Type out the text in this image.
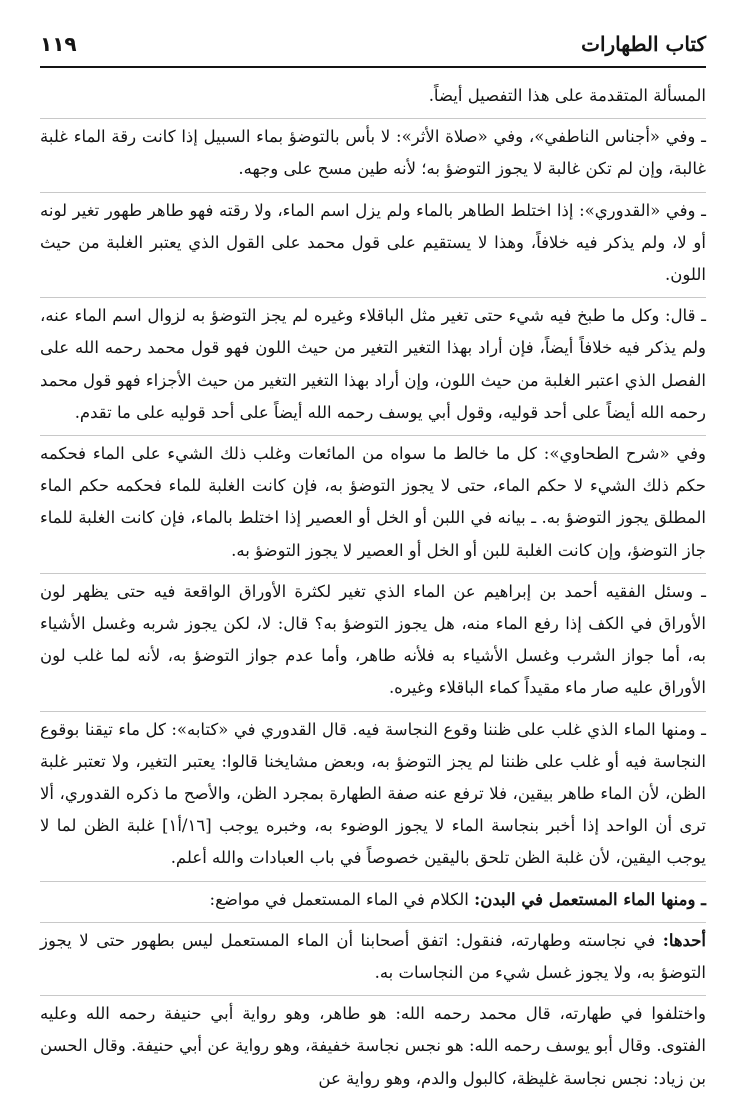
١١٩	كتاب الطهارات

المسألة المتقدمة على هذا التفصيل أيضاً.

ـ وفي «أجناس الناطفي»، وفي «صلاة الأثر»: لا بأس بالتوضؤ بماء السبيل إذا كانت رقة الماء غلبة غالبة، وإن لم تكن غالبة لا يجوز التوضؤ به؛ لأنه طين مسح على وجهه.

ـ وفي «القدوري»: إذا اختلط الطاهر بالماء ولم يزل اسم الماء، ولا رقته فهو طاهر طهور تغير لونه أو لا، ولم يذكر فيه خلافاً، وهذا لا يستقيم على قول محمد على القول الذي يعتبر الغلبة من حيث اللون.

ـ قال: وكل ما طبخ فيه شيء حتى تغير مثل الباقلاء وغيره لم يجز التوضؤ به لزوال اسم الماء عنه، ولم يذكر فيه خلافاً أيضاً، فإن أراد بهذا التغير التغير من حيث اللون فهو قول محمد رحمه الله على الفصل الذي اعتبر الغلبة من حيث اللون، وإن أراد بهذا التغير التغير من حيث الأجزاء فهو قول محمد رحمه الله أيضاً على أحد قوليه، وقول أبي يوسف رحمه الله أيضاً على أحد قوليه على ما تقدم.

وفي «شرح الطحاوي»: كل ما خالط ما سواه من المائعات وغلب ذلك الشيء على الماء فحكمه حكم ذلك الشيء لا حكم الماء، حتى لا يجوز التوضؤ به، فإن كانت الغلبة للماء فحكمه حكم الماء المطلق يجوز التوضؤ به. ـ بيانه في اللبن أو الخل أو العصير إذا اختلط بالماء، فإن كانت الغلبة للماء جاز التوضؤ، وإن كانت الغلبة للبن أو الخل أو العصير لا يجوز التوضؤ به.

ـ وسئل الفقيه أحمد بن إبراهيم عن الماء الذي تغير لكثرة الأوراق الواقعة فيه حتى يظهر لون الأوراق في الكف إذا رفع الماء منه، هل يجوز التوضؤ به؟ قال: لا، لكن يجوز شربه وغسل الأشياء به، أما جواز الشرب وغسل الأشياء به فلأنه طاهر، وأما عدم جواز التوضؤ به، لأنه لما غلب لون الأوراق عليه صار ماء مقيداً كماء الباقلاء وغيره.

ـ ومنها الماء الذي غلب على ظننا وقوع النجاسة فيه. قال القدوري في «كتابه»: كل ماء تيقنا بوقوع النجاسة فيه أو غلب على ظننا لم يجز التوضؤ به، وبعض مشايخنا قالوا: يعتبر التغير، ولا تعتبر غلبة الظن، لأن الماء طاهر بيقين، فلا ترفع عنه صفة الطهارة بمجرد الظن، والأصح ما ذكره القدوري، ألا ترى أن الواحد إذا أخبر بنجاسة الماء لا يجوز الوضوء به، وخبره يوجب [١٦/أ١] غلبة الظن لما لا يوجب اليقين، لأن غلبة الظن تلحق باليقين خصوصاً في باب العبادات والله أعلم.

ـ ومنها الماء المستعمل في البدن: الكلام في الماء المستعمل في مواضع:

أحدها: في نجاسته وطهارته، فنقول: اتفق أصحابنا أن الماء المستعمل ليس بطهور حتى لا يجوز التوضؤ به، ولا يجوز غسل شيء من النجاسات به.

واختلفوا في طهارته، قال محمد رحمه الله: هو طاهر، وهو رواية أبي حنيفة رحمه الله وعليه الفتوى. وقال أبو يوسف رحمه الله: هو نجس نجاسة خفيفة، وهو رواية عن أبي حنيفة. وقال الحسن بن زياد: نجس نجاسة غليظة، كالبول والدم، وهو رواية عن
